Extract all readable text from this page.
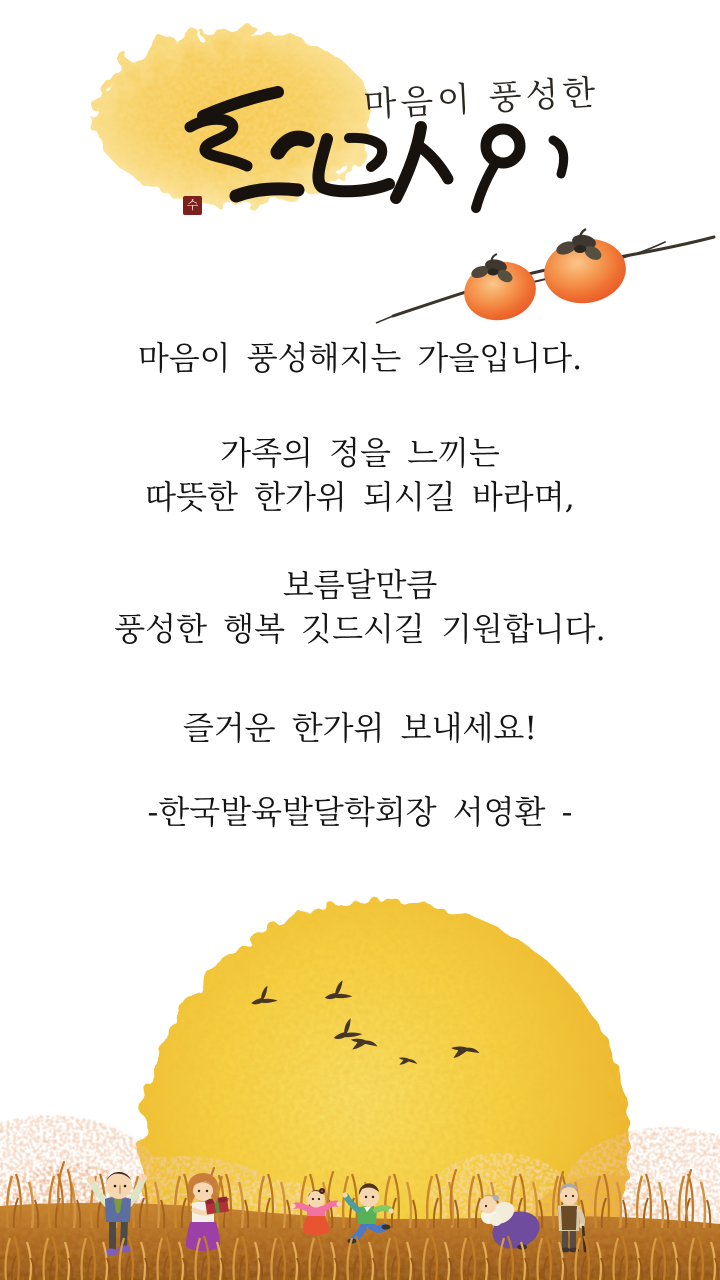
마음이 풍성한
수
마음이 풍성해지는 가을입니다.
가족의 정을 느끼는
따뜻한 한가위 되시길 바라며,
보름달만큼
풍성한 행복 깃드시길 기원합니다.
즐거운 한가위 보내세요!
-한국발육발달학회장 서영환 -
